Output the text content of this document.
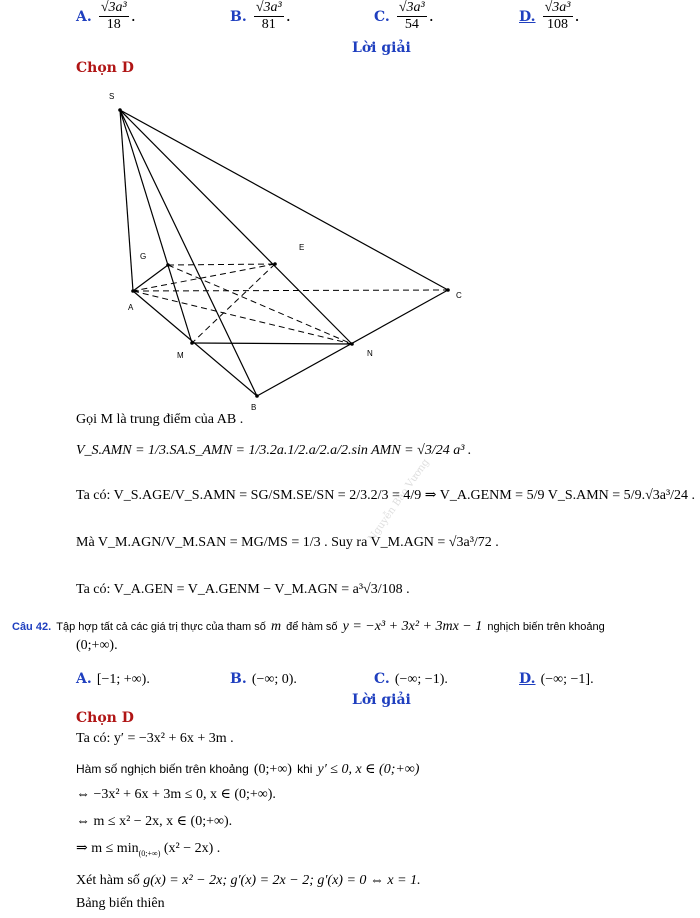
A. $\frac{\text{√3a³}}{18}$ .	B. $\frac{\text{√3a³}}{81}$ .	C. $\frac{\text{√3a³}}{54}$ .	D. $\frac{\text{√3a³}}{108}$ .
Lời giải
Chọn D
S
G
E
A
C
M	N
B
Nguyễn Bảo Vương
Gọi M là trung điểm của AB .
V_S.AMN = 1/3.SA.S_AMN = 1/3.2a.1/2.a/2.a/2.sin AMN = √3/24 a³ .
Ta có: V_S.AGE/V_S.AMN = SG/SM.SE/SN = 2/3.2/3 = 4/9 ⇒ V_A.GENM = 5/9 V_S.AMN = 5/9.√3a³/24 .
Mà V_M.AGN/V_M.SAN = MG/MS = 1/3 . Suy ra V_M.AGN = √3a³/72 .
Ta có: V_A.GEN = V_A.GENM − V_M.AGN = a³√3/108 .
Câu 42. Tập hợp tất cả các giá trị thực của tham số m để hàm số y = −x³ + 3x² + 3mx − 1 nghịch biến trên khoảng
(0;+∞).
A. [−1; +∞).	B. (−∞; 0).	C. (−∞; −1).	D. (−∞; −1].
Lời giải
Chọn D
Ta có: y′ = −3x² + 6x + 3m .
Hàm số nghịch biến trên khoảng (0;+∞) khi y′ ≤ 0, x ∈ (0;+∞)
⇔ −3x² + 6x + 3m ≤ 0, x ∈ (0;+∞).
⇔ m ≤ x² − 2x, x ∈ (0;+∞).
⇒ $m \le \min_{(0;+\infty)} (x^2 - 2x)$ .
Xét hàm số g(x) = x² − 2x; g′(x) = 2x − 2; g′(x) = 0 ⇔ x = 1.
Bảng biến thiên
